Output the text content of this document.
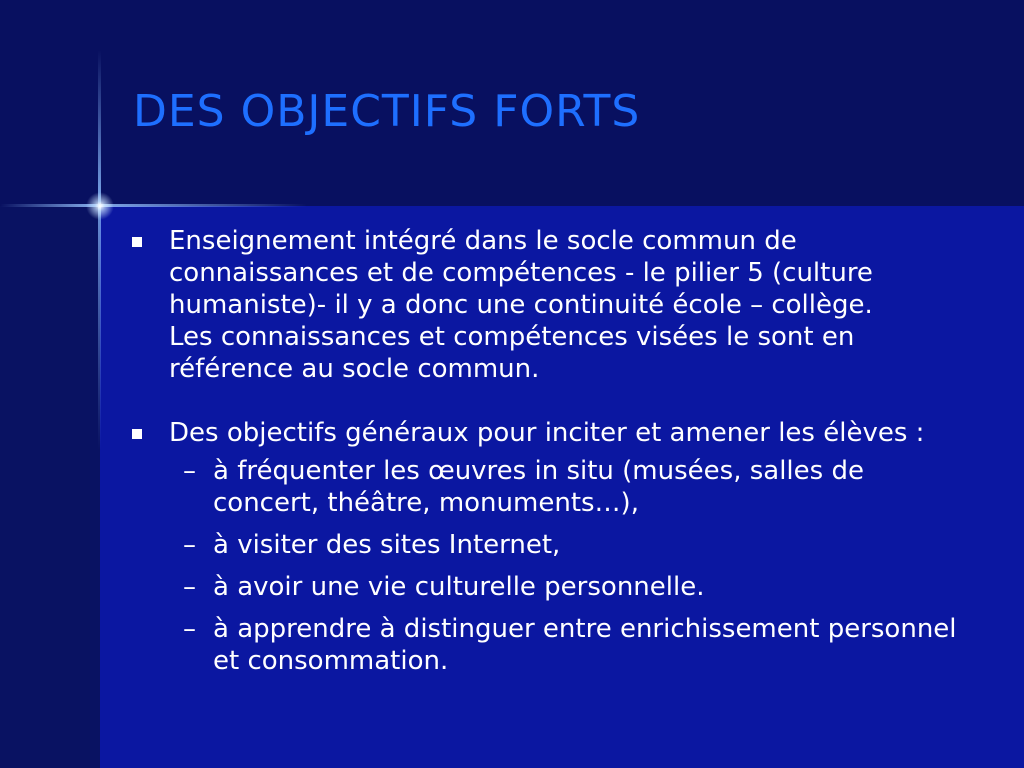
DES OBJECTIFS FORTS
Enseignement intégré dans le socle commun de connaissances et de compétences - le pilier 5 (culture humaniste)- il y a donc une continuité école – collège.
Les connaissances et compétences visées le sont en référence au socle commun.
Des objectifs généraux pour inciter et amener les élèves :
– à fréquenter les œuvres in situ (musées, salles de concert, théâtre, monuments…),
– à visiter des sites Internet,
– à avoir une vie culturelle personnelle.
– à apprendre à distinguer entre enrichissement personnel et consommation.
